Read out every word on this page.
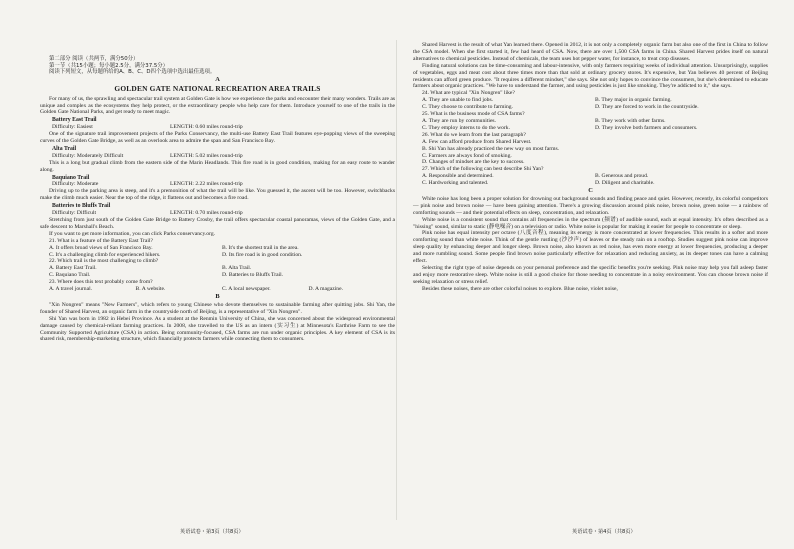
第二部分 阅读（共两节，满分50分）

第一节（共15小题；每小题2.5分，满分37.5分）

阅读下列短文，从每题所给的A、B、C、D四个选项中选出最佳选项。

A
GOLDEN GATE NATIONAL RECREATION AREA TRAILS

For many of us, the sprawling and spectacular trail system at Golden Gate is how we experience the parks and encounter their many wonders. Trails are as unique and complex as the ecosystems they help protect, or the extraordinary people who help care for them. Introduce yourself to one of the trails in the Golden Gate National Parks, and get ready to meet magic.

Battery East Trail
Difficulty: Easiest	LENGTH: 0.60 miles round-trip

One of the signature trail improvement projects of the Parks Conservancy, the multi-use Battery East Trail features eye-popping views of the sweeping curves of the Golden Gate Bridge, as well as an overlook area to admire the span and San Francisco Bay.

Alta Trail
Difficulty: Moderately Difficult	LENGTH: 5.02 miles round-trip

This is a long but gradual climb from the eastern side of the Marin Headlands. This fire road is in good condition, making for an easy route to wander along.

Baquiano Trail
Difficulty: Moderate	LENGTH: 2.22 miles round-trip

Driving up to the parking area is steep, and it's a premonition of what the trail will be like. You guessed it, the ascent will be too. However, switchbacks make the climb much easier. Near the top of the ridge, it flattens out and becomes a fire road.

Batteries to Bluffs Trail
Difficulty: Difficult	LENGTH: 0.70 miles round-trip

Stretching from just south of the Golden Gate Bridge to Battery Crosby, the trail offers spectacular coastal panoramas, views of the Golden Gate, and a safe descent to Marshall's Beach.

If you want to get more information, you can click Parks conservancy.org.

21. What is a feature of the Battery East Trail?

A. It offers broad views of San Francisco Bay.	B. It's the shortest trail in the area.
C. It's a challenging climb for experienced hikers.	D. Its fire road is in good condition.

22. Which trail is the most challenging to climb?

A. Battery East Trail.	B. Alta Trail.
C. Baquiano Trail.	D. Batteries to Bluffs Trail.

23. Where does this text probably come from?

A. A travel journal.	B. A website.	C. A local newspaper.	D. A magazine.
B

"Xin Nongren" means "New Farmers", which refers to young Chinese who devote themselves to sustainable farming after quitting jobs. Shi Yan, the founder of Shared Harvest, an organic farm in the countryside north of Beijing, is a representative of "Xin Nongren".

Shi Yan was born in 1982 in Hebei Province. As a student at the Renmin University of China, she was concerned about the widespread environmental damage caused by chemical-reliant farming practices. In 2008, she travelled to the US as an intern (实习生) at Minnesota's Earthrise Farm to see the Community Supported Agriculture (CSA) in action. Being community-focused, CSA farms are run under organic principles. A key element of CSA is its shared risk, membership-marketing structure, which financially protects farmers while connecting them to consumers.

Shared Harvest is the result of what Yan learned there. Opened in 2012, it is not only a completely organic farm but also one of the first in China to follow the CSA model. When she first started it, few had heard of CSA. Now, there are over 1,500 CSA farms in China. Shared Harvest prides itself on natural alternatives to chemical pesticides. Instead of chemicals, the team uses hot pepper water, for instance, to treat crop diseases.

Finding natural solutions can be time-consuming and labour-intensive, with only farmers requiring weeks of individual attention. Unsurprisingly, supplies of vegetables, eggs and meat cost about three times more than that sold at ordinary grocery stores. It's expensive, but Yan believes 40 percent of Beijing residents can afford green produce. "It requires a different mindset," she says. She not only hopes to convince the consumers, but she's determined to educate farmers about organic practices. "We have to understand the farmer, and using pesticides is just like smoking. They're addicted to it," she says.

24. What are typical "Xin Nongren" like?

A. They are unable to find jobs.	B. They major in organic farming.
C. They choose to contribute to farming.	D. They are forced to work in the countryside.

25. What is the business mode of CSA farms?

A. They are run by communities.	B. They work with other farms.
C. They employ interns to do the work.	D. They involve both farmers and consumers.

26. What do we learn from the last paragraph?

A. Few can afford produce from Shared Harvest.
B. Shi Yan has already practiced the new way on most farms.
C. Farmers are always fond of smoking.
D. Changes of mindset are the key to success.

27. Which of the following can best describe Shi Yan?

A. Responsible and determined.	B. Generous and proud.
C. Hardworking and talented.	D. Diligent and charitable.
C

White noise has long been a proper solution for drowning out background sounds and finding peace and quiet. However, recently, its colorful competitors — pink noise and brown noise — have been gaining attention. There's a growing discussion around pink noise, brown noise, green noise — a rainbow of comforting sounds — and their potential effects on sleep, concentration, and relaxation.

White noise is a consistent sound that contains all frequencies in the spectrum (频谱) of audible sound, each at equal intensity. It's often described as a "hissing" sound, similar to static (静电噪音) on a television or radio. White noise is popular for making it easier for people to concentrate or sleep.

Pink noise has equal intensity per octave (八度音程), meaning its energy is more concentrated at lower frequencies. This results in a softer and more comforting sound than white noise. Think of the gentle rustling (沙沙声) of leaves or the steady rain on a rooftop. Studies suggest pink noise can improve sleep quality by enhancing deeper and longer sleep. Brown noise, also known as red noise, has even more energy at lower frequencies, producing a deeper and more rumbling sound. Some people find brown noise particularly effective for relaxation and reducing anxiety, as its deeper tones can have a calming effect.

Selecting the right type of noise depends on your personal preference and the specific benefits you're seeking. Pink noise may help you fall asleep faster and enjoy more restorative sleep. White noise is still a good choice for those needing to concentrate in a noisy environment. You can choose brown noise if seeking relaxation or stress relief.

Besides these noises, there are other colorful noises to explore. Blue noise, violet noise,

英语试卷・第3页（共8页）	英语试卷・第4页（共8页）
